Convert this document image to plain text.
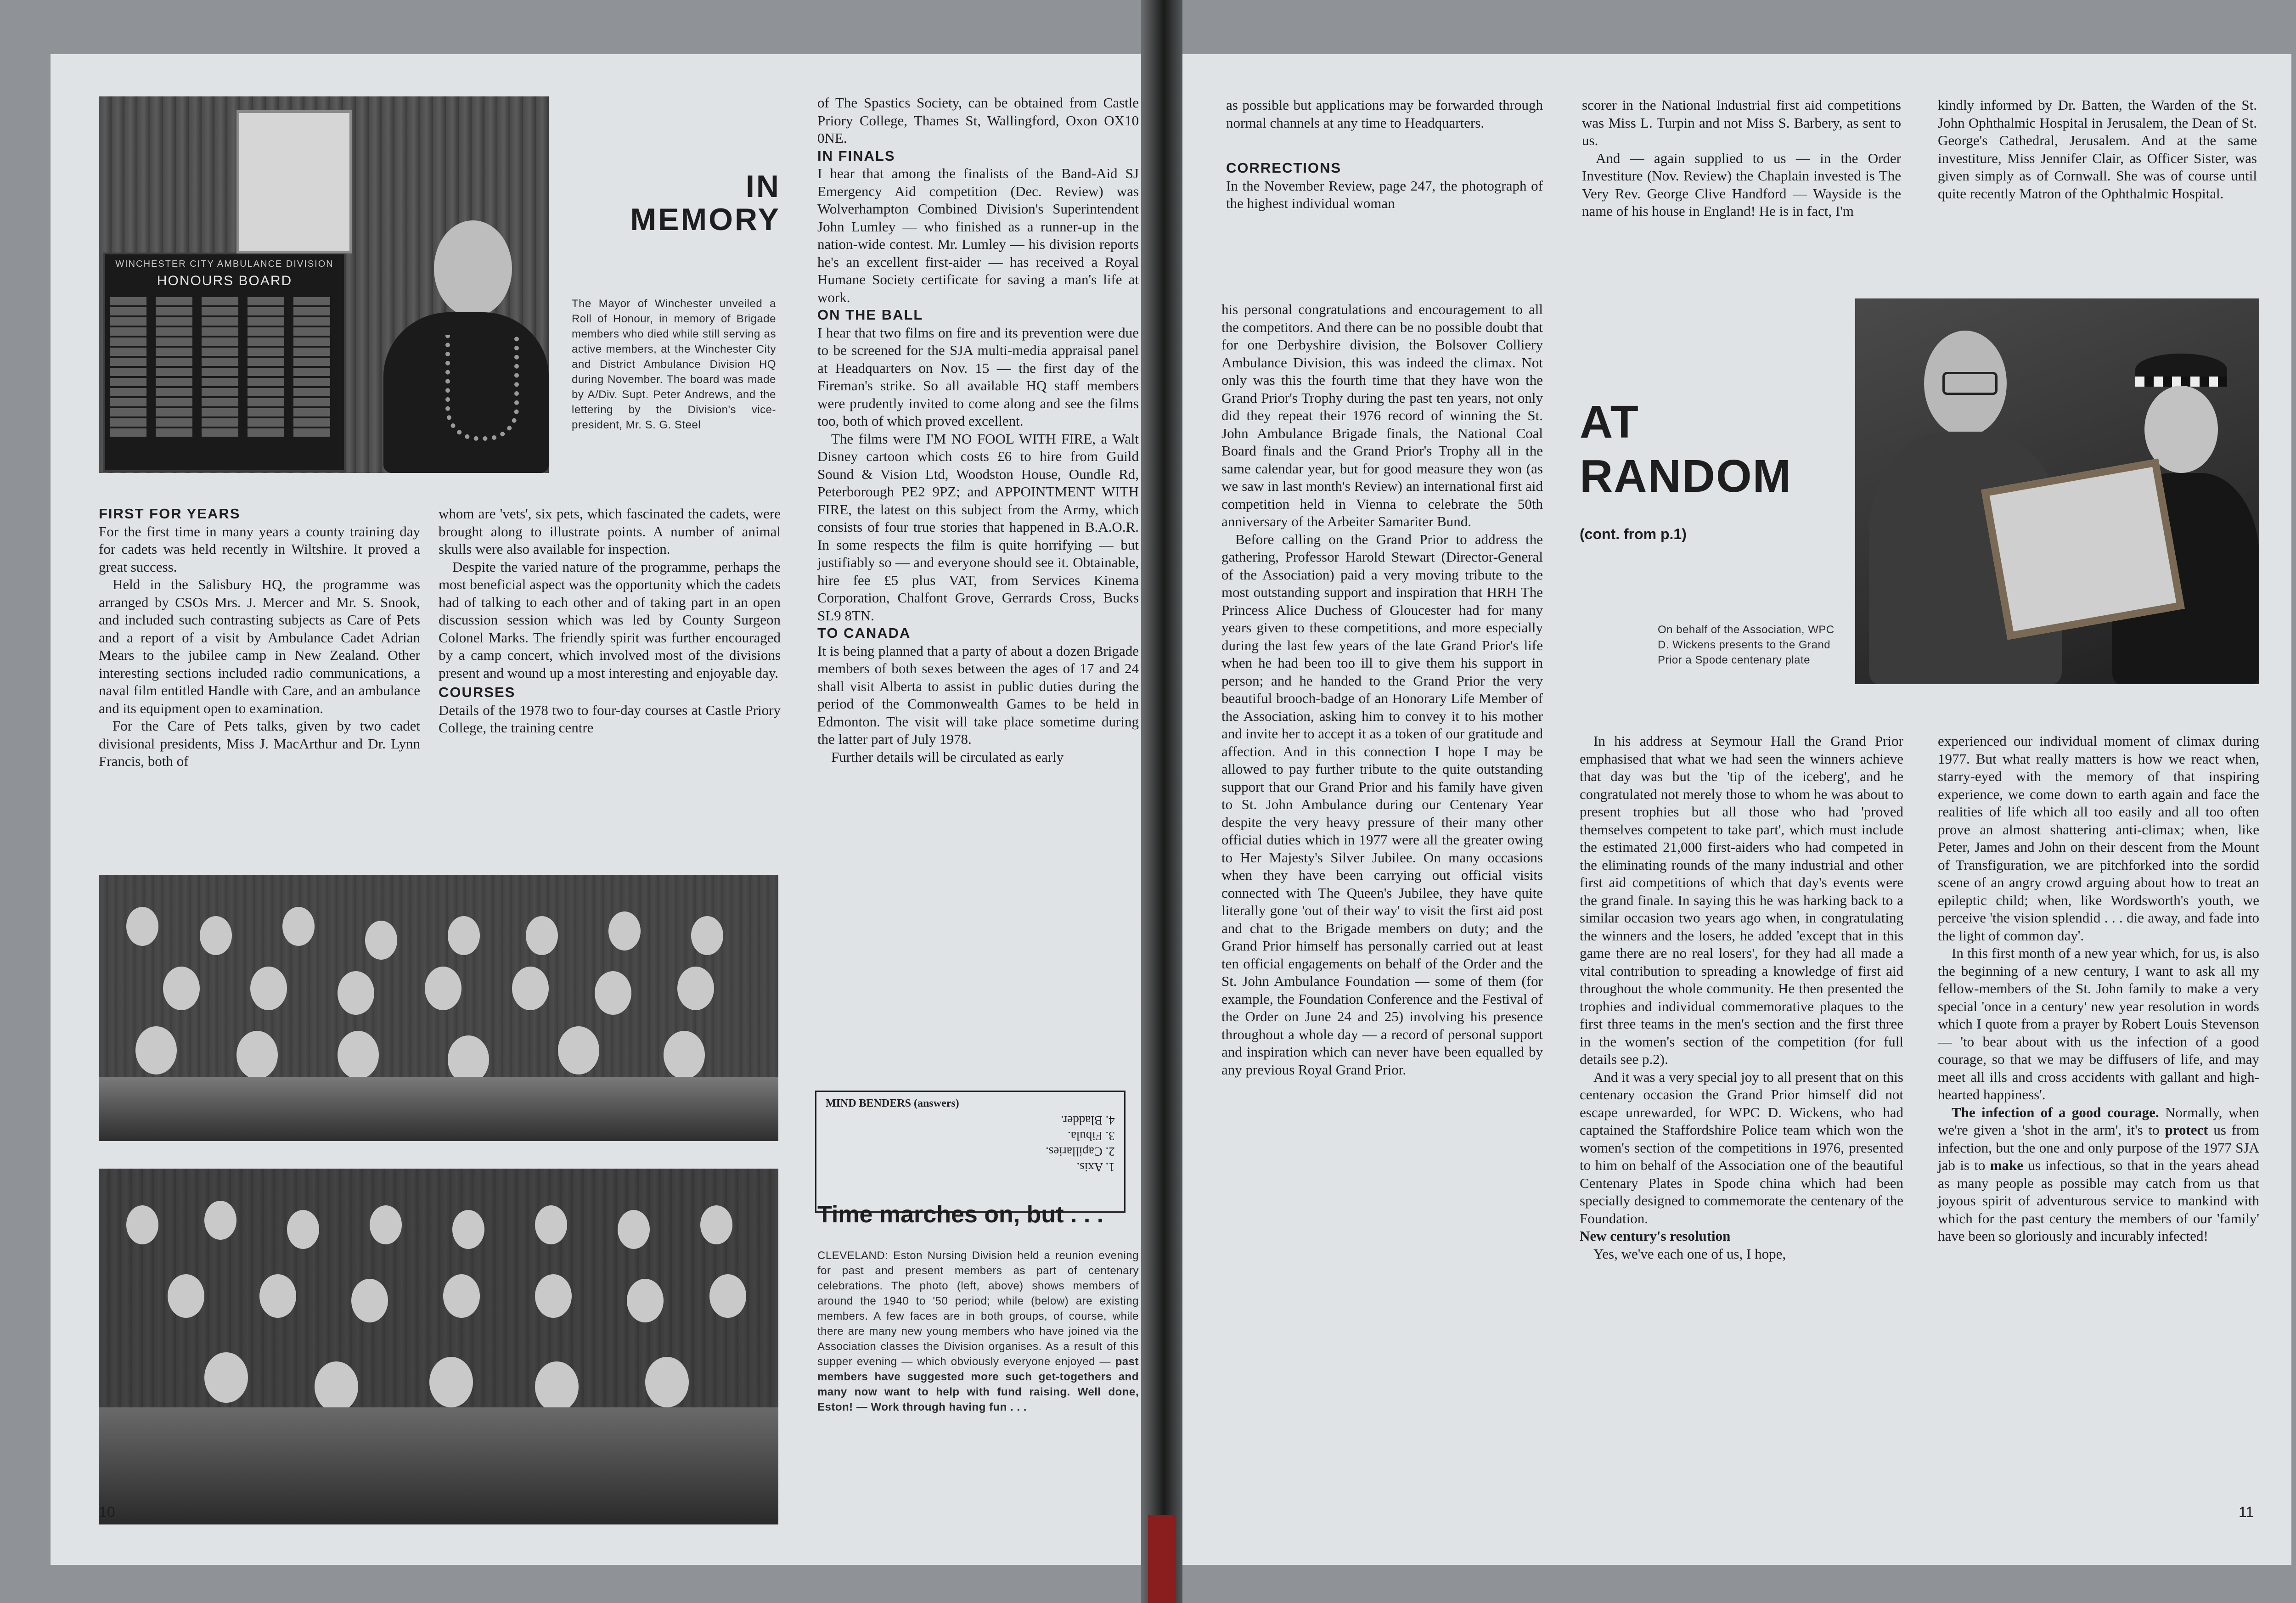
WINCHESTER CITY AMBULANCE DIVISION
HONOURS BOARD
IN
MEMORY
The Mayor of Winchester unveiled a Roll of Honour, in memory of Brigade members who died while still serving as active members, at the Winchester City and District Ambulance Division HQ during November. The board was made by A/Div. Supt. Peter Andrews, and the lettering by the Division's vice-president, Mr. S. G. Steel

FIRST FOR YEARS

For the first time in many years a county training day for cadets was held recently in Wiltshire. It proved a great success.

Held in the Salisbury HQ, the programme was arranged by CSOs Mrs. J. Mercer and Mr. S. Snook, and included such contrasting subjects as Care of Pets and a report of a visit by Ambulance Cadet Adrian Mears to the jubilee camp in New Zealand. Other interesting sections included radio communications, a naval film entitled Handle with Care, and an ambulance and its equipment open to examination.

For the Care of Pets talks, given by two cadet divisional presidents, Miss J. MacArthur and Dr. Lynn Francis, both of

whom are 'vets', six pets, which fascinated the cadets, were brought along to illustrate points. A number of animal skulls were also available for inspection.

Despite the varied nature of the programme, perhaps the most beneficial aspect was the opportunity which the cadets had of talking to each other and of taking part in an open discussion session which was led by County Surgeon Colonel Marks. The friendly spirit was further encouraged by a camp concert, which involved most of the divisions present and wound up a most interesting and enjoyable day.

COURSES

Details of the 1978 two to four-day courses at Castle Priory College, the training centre

of The Spastics Society, can be obtained from Castle Priory College, Thames St, Wallingford, Oxon OX10 0NE.

IN FINALS

I hear that among the finalists of the Band-Aid SJ Emergency Aid competition (Dec. Review) was Wolverhampton Combined Division's Superintendent John Lumley — who finished as a runner-up in the nation-wide contest. Mr. Lumley — his division reports he's an excellent first-aider — has received a Royal Humane Society certificate for saving a man's life at work.

ON THE BALL

I hear that two films on fire and its prevention were due to be screened for the SJA multi-media appraisal panel at Headquarters on Nov. 15 — the first day of the Fireman's strike. So all available HQ staff members were prudently invited to come along and see the films too, both of which proved excellent.

The films were I'M NO FOOL WITH FIRE, a Walt Disney cartoon which costs £6 to hire from Guild Sound & Vision Ltd, Woodston House, Oundle Rd, Peterborough PE2 9PZ; and APPOINTMENT WITH FIRE, the latest on this subject from the Army, which consists of four true stories that happened in B.A.O.R. In some respects the film is quite horrifying — but justifiably so — and everyone should see it. Obtainable, hire fee £5 plus VAT, from Services Kinema Corporation, Chalfont Grove, Gerrards Cross, Bucks SL9 8TN.

TO CANADA

It is being planned that a party of about a dozen Brigade members of both sexes between the ages of 17 and 24 shall visit Alberta to assist in public duties during the period of the Commonwealth Games to be held in Edmonton. The visit will take place sometime during the latter part of July 1978.

Further details will be circulated as early

MIND BENDERS (answers)
1. Axis.
2. Capillaries.
3. Fibula.
4. Bladder.
Time marches on, but . . .
CLEVELAND: Eston Nursing Division held a reunion evening for past and present members as part of centenary celebrations. The photo (left, above) shows members of around the 1940 to '50 period; while (below) are existing members. A few faces are in both groups, of course, while there are many new young members who have joined via the Association classes the Division organises. As a result of this supper evening — which obviously everyone enjoyed — past members have suggested more such get-togethers and many now want to help with fund raising. Well done, Eston! — Work through having fun . . .
10

as possible but applications may be forwarded through normal channels at any time to Headquarters.

CORRECTIONS

In the November Review, page 247, the photograph of the highest individual woman

scorer in the National Industrial first aid competitions was Miss L. Turpin and not Miss S. Barbery, as sent to us.

And — again supplied to us — in the Order Investiture (Nov. Review) the Chaplain invested is The Very Rev. George Clive Handford — Wayside is the name of his house in England! He is in fact, I'm

kindly informed by Dr. Batten, the Warden of the St. John Ophthalmic Hospital in Jerusalem, the Dean of St. George's Cathedral, Jerusalem. And at the same investiture, Miss Jennifer Clair, as Officer Sister, was given simply as of Cornwall. She was of course until quite recently Matron of the Ophthalmic Hospital.

his personal congratulations and encouragement to all the competitors. And there can be no possible doubt that for one Derbyshire division, the Bolsover Colliery Ambulance Division, this was indeed the climax. Not only was this the fourth time that they have won the Grand Prior's Trophy during the past ten years, not only did they repeat their 1976 record of winning the St. John Ambulance Brigade finals, the National Coal Board finals and the Grand Prior's Trophy all in the same calendar year, but for good measure they won (as we saw in last month's Review) an international first aid competition held in Vienna to celebrate the 50th anniversary of the Arbeiter Samariter Bund.

Before calling on the Grand Prior to address the gathering, Professor Harold Stewart (Director-General of the Association) paid a very moving tribute to the most outstanding support and inspiration that HRH The Princess Alice Duchess of Gloucester had for many years given to these competitions, and more especially during the last few years of the late Grand Prior's life when he had been too ill to give them his support in person; and he handed to the Grand Prior the very beautiful brooch-badge of an Honorary Life Member of the Association, asking him to convey it to his mother and invite her to accept it as a token of our gratitude and affection. And in this connection I hope I may be allowed to pay further tribute to the quite outstanding support that our Grand Prior and his family have given to St. John Ambulance during our Centenary Year despite the very heavy pressure of their many other official duties which in 1977 were all the greater owing to Her Majesty's Silver Jubilee. On many occasions when they have been carrying out official visits connected with The Queen's Jubilee, they have quite literally gone 'out of their way' to visit the first aid post and chat to the Brigade members on duty; and the Grand Prior himself has personally carried out at least ten official engagements on behalf of the Order and the St. John Ambulance Foundation — some of them (for example, the Foundation Conference and the Festival of the Order on June 24 and 25) involving his presence throughout a whole day — a record of personal support and inspiration which can never have been equalled by any previous Royal Grand Prior.

AT
RANDOM
(cont. from p.1)
On behalf of the Association, WPC D. Wickens presents to the Grand Prior a Spode centenary plate

In his address at Seymour Hall the Grand Prior emphasised that what we had seen the winners achieve that day was but the 'tip of the iceberg', and he congratulated not merely those to whom he was about to present trophies but all those who had 'proved themselves competent to take part', which must include the estimated 21,000 first-aiders who had competed in the eliminating rounds of the many industrial and other first aid competitions of which that day's events were the grand finale. In saying this he was harking back to a similar occasion two years ago when, in congratulating the winners and the losers, he added 'except that in this game there are no real losers', for they had all made a vital contribution to spreading a knowledge of first aid throughout the whole community. He then presented the trophies and individual commemorative plaques to the first three teams in the men's section and the first three in the women's section of the competition (for full details see p.2).

And it was a very special joy to all present that on this centenary occasion the Grand Prior himself did not escape unrewarded, for WPC D. Wickens, who had captained the Staffordshire Police team which won the women's section of the competitions in 1976, presented to him on behalf of the Association one of the beautiful Centenary Plates in Spode china which had been specially designed to commemorate the centenary of the Foundation.

New century's resolution

Yes, we've each one of us, I hope,

experienced our individual moment of climax during 1977. But what really matters is how we react when, starry-eyed with the memory of that inspiring experience, we come down to earth again and face the realities of life which all too easily and all too often prove an almost shattering anti-climax; when, like Peter, James and John on their descent from the Mount of Transfiguration, we are pitchforked into the sordid scene of an angry crowd arguing about how to treat an epileptic child; when, like Wordsworth's youth, we perceive 'the vision splendid . . . die away, and fade into the light of common day'.

In this first month of a new year which, for us, is also the beginning of a new century, I want to ask all my fellow-members of the St. John family to make a very special 'once in a century' new year resolution in words which I quote from a prayer by Robert Louis Stevenson — 'to bear about with us the infection of a good courage, so that we may be diffusers of life, and may meet all ills and cross accidents with gallant and high-hearted happiness'.

The infection of a good courage. Normally, when we're given a 'shot in the arm', it's to protect us from infection, but the one and only purpose of the 1977 SJA jab is to make us infectious, so that in the years ahead as many people as possible may catch from us that joyous spirit of adventurous service to mankind with which for the past century the members of our 'family' have been so gloriously and incurably infected!

11
